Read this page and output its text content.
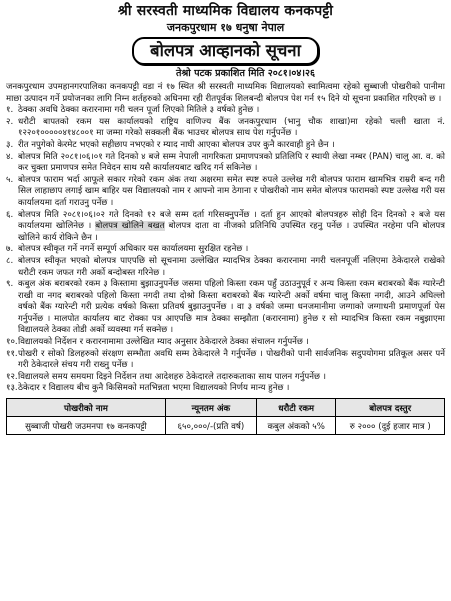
श्री सरस्वती माध्यमिक विद्यालय कनकपट्टी
जनकपुरधाम १७ धनुषा नेपाल
बोलपत्र आव्हानको सूचना
तेश्रो पटक प्रकाशित मिति २०८१।०४।२६
जनकपुरधाम उपमहानगरपालिका कनकपट्टी वडा नं १७ स्थित श्री सरस्वती माध्यमिक विद्यालयको स्वामित्वमा रहेको सुब्बाजी पोखरीको पानीमा माछा उत्पादन गर्ने प्रयोजनका लागि निम्न शर्तहरुको अधिनमा रही रीतपूर्वक शिलबन्दी बोलपत्र पेश गर्न १५ दिने यो सूचना प्रकाशित गरिएको छ ।
१. ठेक्का अवधि ठेक्का करारनामा गरी चलन पूर्जा लिएको मितिले ३ वर्षको हुनेछ ।
२. धरौटी बापतको रकम यस कार्यालयको राष्ट्रिय वाणिज्य बैंक जनकपुरधाम (भानु चौक शाखा)मा रहेको चल्ती खाता नं. १२२०१०००००४१४८००१ मा जम्मा गरेको सक्कली बैंक भाउचर बोलपत्र साथ पेश गर्नुपर्नेछ ।
३. रीत नपुगेको केरमेट भएको सहीछाप नभएको र म्याद नाघी आएका बोलपत्र उपर कुनै कारवाही हुने छैन ।
४. बोलपत्र मिति २०८१।०६।०१ गते दिनको ४ बजे सम्म नेपाली नागरिकता प्रमाणपत्रको प्रतिलिपि र स्थायी लेखा नम्बर (PAN) चालु आ. व. को कर चुक्ता प्रमाणपत्र समेत निवेदन साथ यसै कार्यालयबाट खरिद गर्न सकिनेछ ।
५. बोलपत्र फाराम भर्दा आफूले सकार गरेको रकम अंक तथा अक्षरमा समेत स्पष्ट रुपले उल्लेख गरी बोलपत्र फाराम खामभित्र राम्ररी बन्द गरी सिल लाहाछाप लगाई खाम बाहिर यस विद्यालयको नाम र आफ्नो नाम ठेगाना र पोखरीको नाम समेत बोलपत्र फारामको स्पष्ट उल्लेख गरी यस कार्यालयमा दर्ता गराउनु पर्नेछ ।
६. बोलपत्र मिति २०८१।०६।०२ गते दिनको १२ बजे सम्म दर्ता गरिसक्नुपर्नेछ । दर्ता हुन आएको बोलपत्रहरु सोही दिन दिनको २ बजे यस कार्यालयमा खोलिनेछ । बोलपत्र खोलिने बखत बोलपत्र दाता वा नीजको प्रतिनिधि उपस्थित रहनु पर्नेछ । उपस्थित नरहेमा पनि बोलपत्र खोलिने कार्य रोकिने छैन ।
७. बोलपत्र स्वीकृत गर्ने नगर्ने सम्पूर्ण अधिकार यस कार्यालयमा सुरक्षित रहनेछ ।
८. बोलपत्र स्वीकृत भएको बोलपत्र पाएपछि सो सूचनामा उल्लेखित म्यादभित्र ठेक्का करारनामा नगरी चलनपूर्जी नलिएमा ठेकेदारले राखेको धरौटी रकम जफत गरी अर्को बन्दोबस्त गरिनेछ ।
९. कबुल अंक बराबरको रकम ३ किस्तामा बुझाउनुपर्नेछ जसमा पहिलो किस्ता रकम पहुँ उठाउनुपूर्व र अन्य किस्ता रकम बराबरको बैंक ग्यारेन्टी राखी वा नगद बराबरको पहिलो किस्ता नगदी तथा दोश्रो किस्ता बराबरको बैंक ग्यारेन्टी अर्को वर्षमा चालु किस्ता नगदी, आउने अघिल्लो वर्षको बैंक ग्यारेन्टी गरी प्रत्येक वर्षको किस्ता प्रतिवर्ष बुझाउनुपर्नेछ । वा ३ वर्षको जम्मा धनजमानीमा जग्गाको जग्गाधनी प्रमाणपूर्जा पेस गर्नुपर्नेछ । मालपोत कार्यालय बाट रोक्का पत्र आएपछि मात्र ठेक्का सम्झौता (करारनामा) हुनेछ र सो म्यादभित्र किस्ता रकम नबुझाएमा विद्यालयले ठेक्का तोडी अर्को व्यवस्था गर्न सक्नेछ ।
१०. विद्यालयको निर्देशन र करारनामामा उल्लेखित म्याद अनुसार ठेकेदारले ठेक्का संचालन गर्नुपर्नेछ ।
११. पोखरी र सोको डिलहरुको संरक्षण सम्भौता अवधि सम्म ठेकेदारले नै गर्नुपर्नेछ । पोखरीको पानी सार्वजनिक सदुपयोगमा प्रतिकूल असर पर्ने गरी ठेकेदारले संचय गरी राख्नु पर्नेछ ।
१२. विद्यालयले समय समयमा दिइने निर्देशन तथा आदेशहरु ठेकेदारले तदारुकताका साथ पालन गर्नुपर्नेछ ।
१३. ठेकेदार र विद्यालय बीच कुनै किसिमको मतभिन्नता भएमा विद्यालयको निर्णय मान्य हुनेछ ।
पोखरीको नाम	न्यूनतम अंक	धरौटी रकम	बोलपत्र दस्तुर
सुब्बाजी पोखरी जउमनपा १७ कनकपट्टी	६५०,०००/-(प्रति वर्ष)	कबुल अंकको ५%	रु २००० (दुई हजार मात्र )
